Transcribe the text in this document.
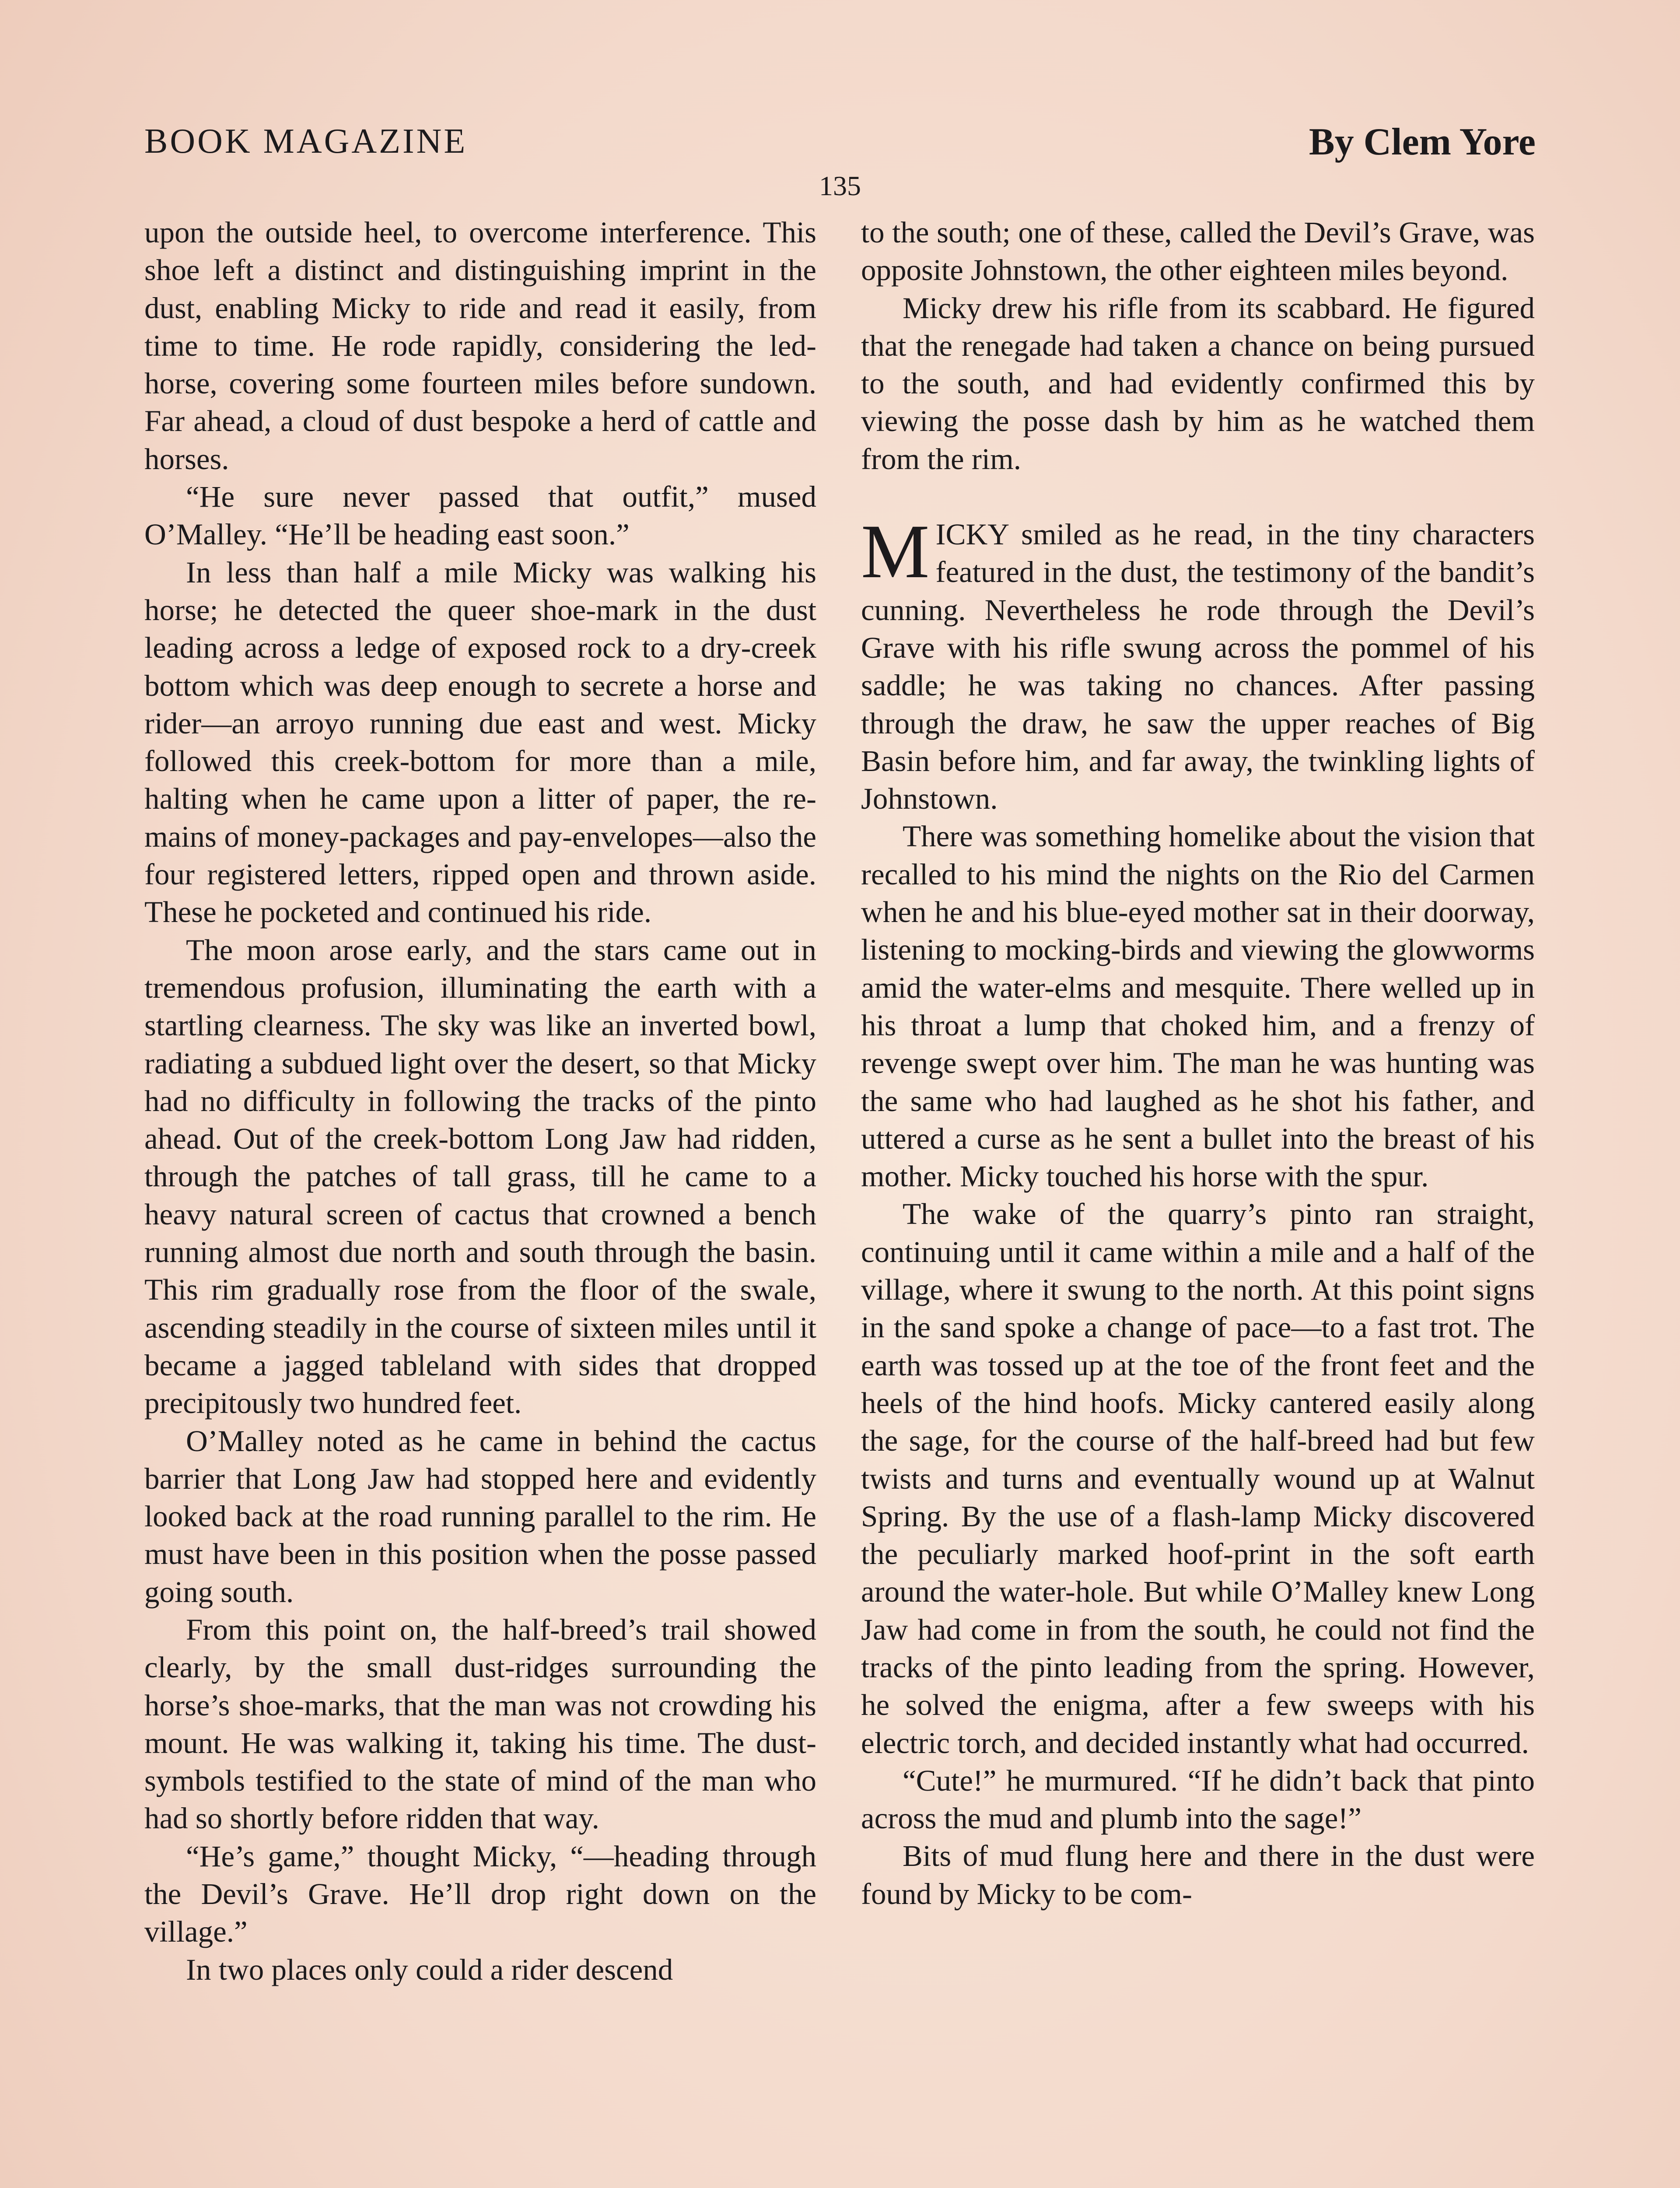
BOOK MAGAZINE	By Clem Yore
135

upon the outside heel, to overcome interference. This shoe left a distinct and distinguishing imprint in the dust, enabling Micky to ride and read it easily, from time to time. He rode rapidly, considering the led-horse, covering some fourteen miles before sundown. Far ahead, a cloud of dust bespoke a herd of cattle and horses.

“He sure never passed that outfit,” mused O’Malley. “He’ll be heading east soon.”

In less than half a mile Micky was walking his horse; he detected the queer shoe-mark in the dust leading across a ledge of exposed rock to a dry-creek bottom which was deep enough to secrete a horse and rider—an arroyo running due east and west. Micky followed this creek-bottom for more than a mile, halting when he came upon a litter of paper, the remains of money-packages and pay-envelopes—also the four registered letters, ripped open and thrown aside. These he pocketed and continued his ride.

The moon arose early, and the stars came out in tremendous profusion, illuminating the earth with a startling clearness. The sky was like an inverted bowl, radiating a subdued light over the desert, so that Micky had no difficulty in following the tracks of the pinto ahead. Out of the creek-bottom Long Jaw had ridden, through the patches of tall grass, till he came to a heavy natural screen of cactus that crowned a bench running almost due north and south through the basin. This rim gradually rose from the floor of the swale, ascending steadily in the course of sixteen miles until it became a jagged tableland with sides that dropped precipitously two hundred feet.

O’Malley noted as he came in behind the cactus barrier that Long Jaw had stopped here and evidently looked back at the road running parallel to the rim. He must have been in this position when the posse passed going south.

From this point on, the half-breed’s trail showed clearly, by the small dust-ridges surrounding the horse’s shoe-marks, that the man was not crowding his mount. He was walking it, taking his time. The dust-symbols testified to the state of mind of the man who had so shortly before ridden that way.

“He’s game,” thought Micky, “—heading through the Devil’s Grave. He’ll drop right down on the village.”

In two places only could a rider descend

to the south; one of these, called the Devil’s Grave, was opposite Johnstown, the other eighteen miles beyond.

Micky drew his rifle from its scabbard. He figured that the renegade had taken a chance on being pursued to the south, and had evidently confirmed this by viewing the posse dash by him as he watched them from the rim.

MICKY smiled as he read, in the tiny characters featured in the dust, the testimony of the bandit’s cunning. Nevertheless he rode through the Devil’s Grave with his rifle swung across the pommel of his saddle; he was taking no chances. After passing through the draw, he saw the upper reaches of Big Basin before him, and far away, the twinkling lights of Johnstown.

There was something homelike about the vision that recalled to his mind the nights on the Rio del Carmen when he and his blue-eyed mother sat in their doorway, listening to mocking-birds and viewing the glowworms amid the water-elms and mesquite. There welled up in his throat a lump that choked him, and a frenzy of revenge swept over him. The man he was hunting was the same who had laughed as he shot his father, and uttered a curse as he sent a bullet into the breast of his mother. Micky touched his horse with the spur.

The wake of the quarry’s pinto ran straight, continuing until it came within a mile and a half of the village, where it swung to the north. At this point signs in the sand spoke a change of pace—to a fast trot. The earth was tossed up at the toe of the front feet and the heels of the hind hoofs. Micky cantered easily along the sage, for the course of the half-breed had but few twists and turns and eventually wound up at Walnut Spring. By the use of a flash-lamp Micky discovered the peculiarly marked hoof-print in the soft earth around the water-hole. But while O’Malley knew Long Jaw had come in from the south, he could not find the tracks of the pinto leading from the spring. However, he solved the enigma, after a few sweeps with his electric torch, and decided instantly what had occurred.

“Cute!” he murmured. “If he didn’t back that pinto across the mud and plumb into the sage!”

Bits of mud flung here and there in the dust were found by Micky to be com-
